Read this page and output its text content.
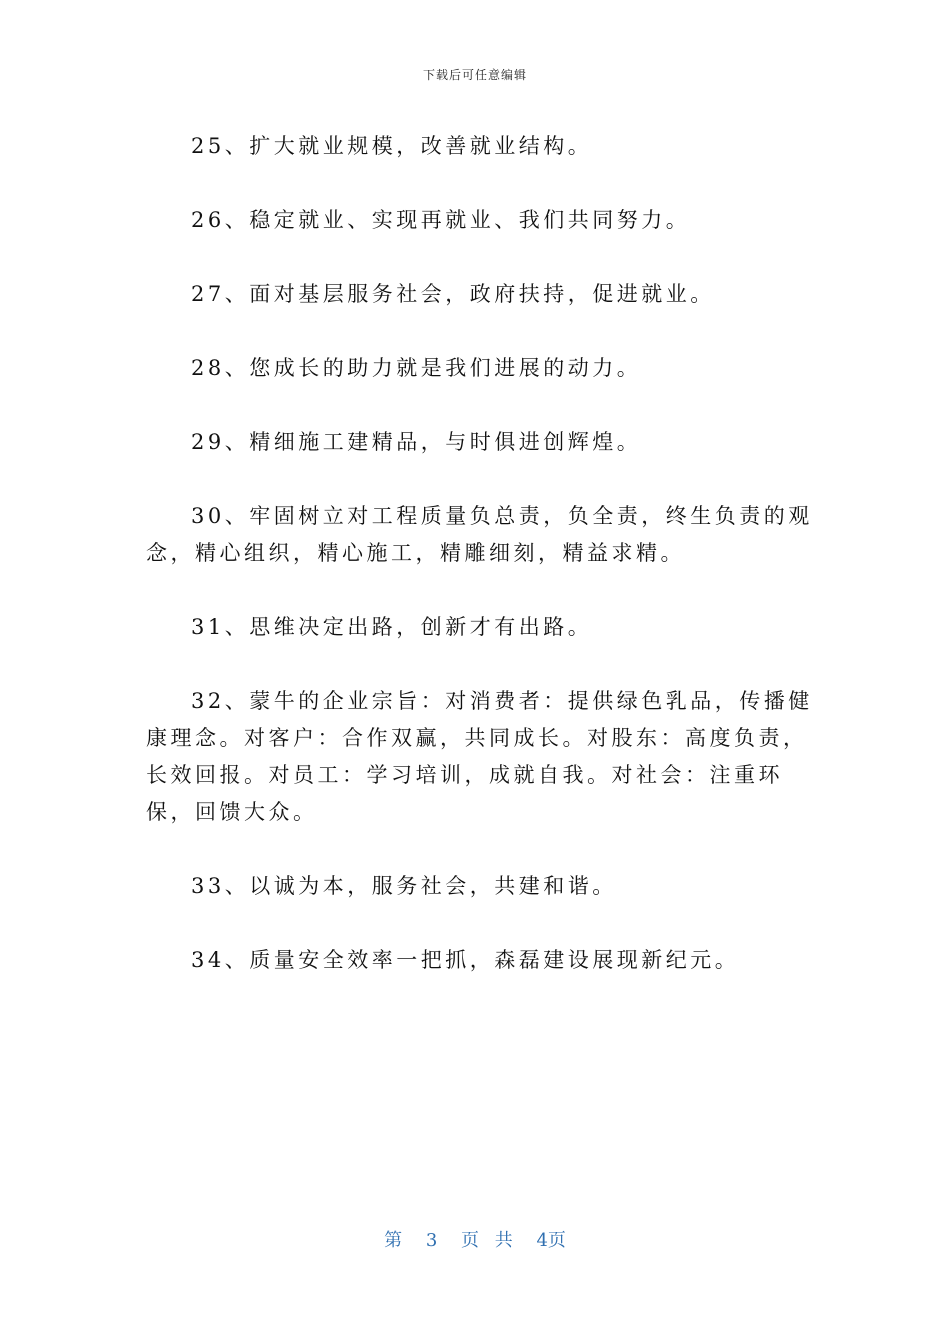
下载后可任意编辑

25、扩大就业规模，改善就业结构。

26、稳定就业、实现再就业、我们共同努力。

27、面对基层服务社会，政府扶持，促进就业。

28、您成长的助力就是我们进展的动力。

29、精细施工建精品，与时俱进创辉煌。

30、牢固树立对工程质量负总责，负全责，终生负责的观念，精心组织，精心施工，精雕细刻，精益求精。

31、思维决定出路，创新才有出路。

32、蒙牛的企业宗旨：对消费者：提供绿色乳品，传播健康理念。对客户：合作双赢，共同成长。对股东：高度负责，长效回报。对员工：学习培训，成就自我。对社会：注重环保，回馈大众。

33、以诚为本，服务社会，共建和谐。

34、质量安全效率一把抓，森磊建设展现新纪元。

第 3 页 共 4页
